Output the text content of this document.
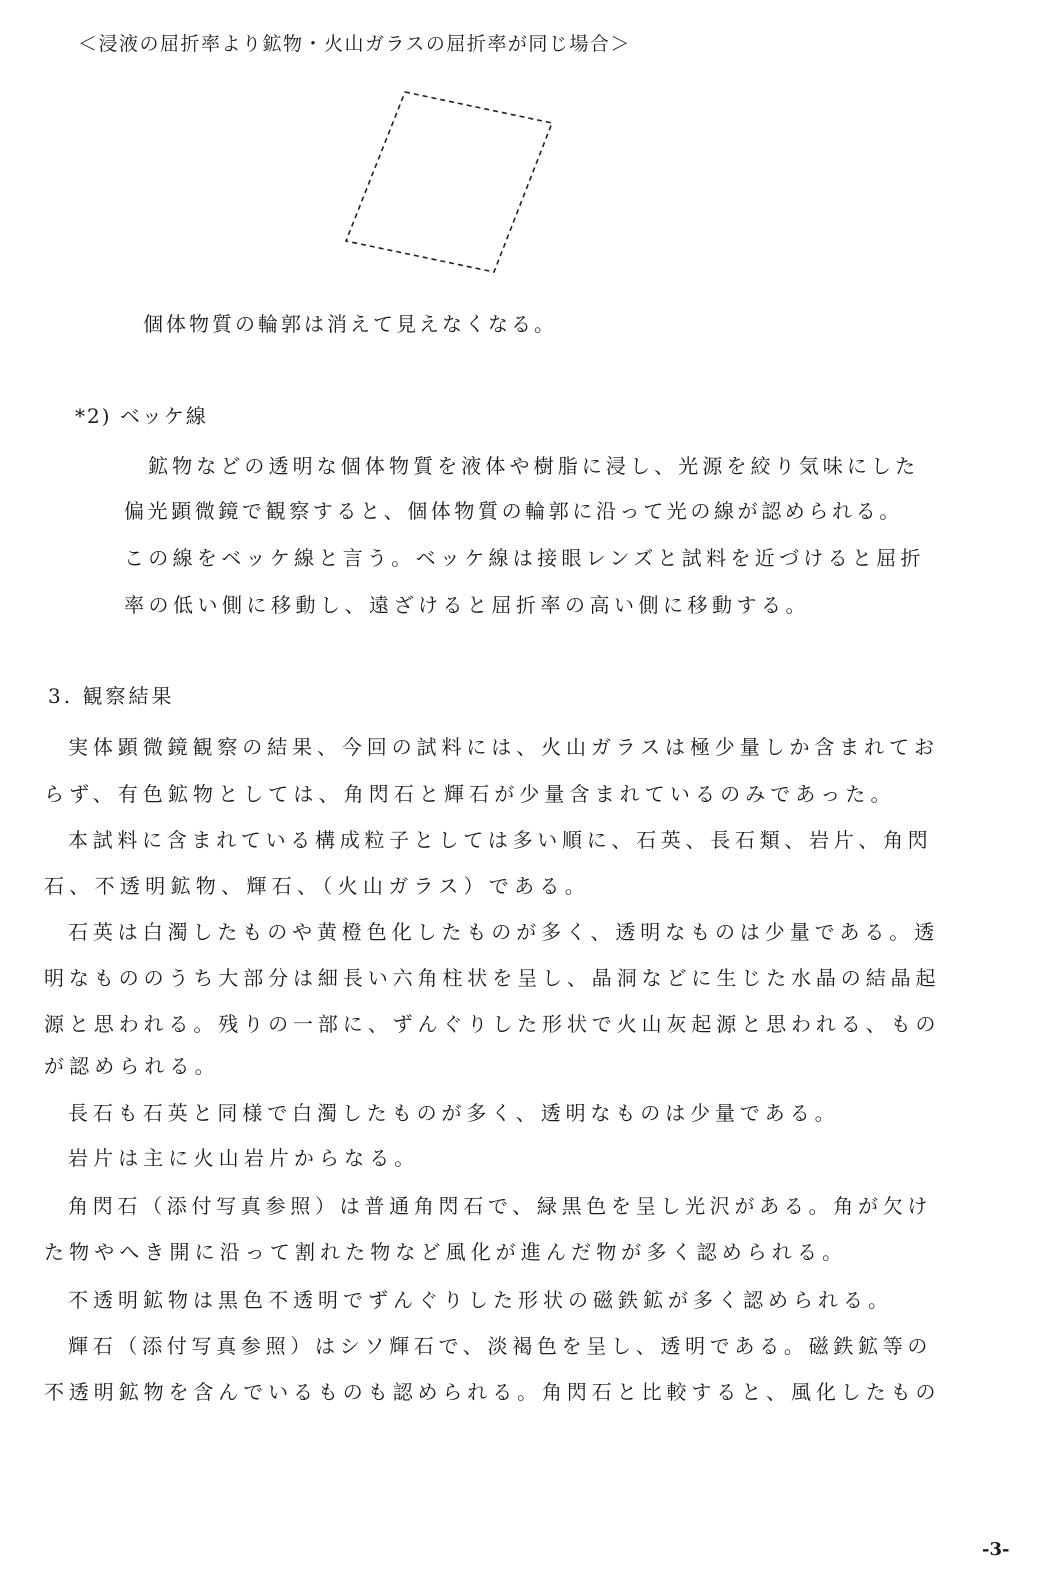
＜浸液の屈折率より鉱物・火山ガラスの屈折率が同じ場合＞
個体物質の輪郭は消えて見えなくなる。
*2) ベッケ線
鉱物などの透明な個体物質を液体や樹脂に浸し、光源を絞り気味にした
偏光顕微鏡で観察すると、個体物質の輪郭に沿って光の線が認められる。
この線をベッケ線と言う。ベッケ線は接眼レンズと試料を近づけると屈折
率の低い側に移動し、遠ざけると屈折率の高い側に移動する。
3. 観察結果
実体顕微鏡観察の結果、今回の試料には、火山ガラスは極少量しか含まれてお
らず、有色鉱物としては、角閃石と輝石が少量含まれているのみであった。
本試料に含まれている構成粒子としては多い順に、石英、長石類、岩片、角閃
石、不透明鉱物、輝石、（火山ガラス）である。
石英は白濁したものや黄橙色化したものが多く、透明なものは少量である。透
明なもののうち大部分は細長い六角柱状を呈し、晶洞などに生じた水晶の結晶起
源と思われる。残りの一部に、ずんぐりした形状で火山灰起源と思われる、もの
が認められる。
長石も石英と同様で白濁したものが多く、透明なものは少量である。
岩片は主に火山岩片からなる。
角閃石（添付写真参照）は普通角閃石で、緑黒色を呈し光沢がある。角が欠け
た物やへき開に沿って割れた物など風化が進んだ物が多く認められる。
不透明鉱物は黒色不透明でずんぐりした形状の磁鉄鉱が多く認められる。
輝石（添付写真参照）はシソ輝石で、淡褐色を呈し、透明である。磁鉄鉱等の
不透明鉱物を含んでいるものも認められる。角閃石と比較すると、風化したもの
-3-
